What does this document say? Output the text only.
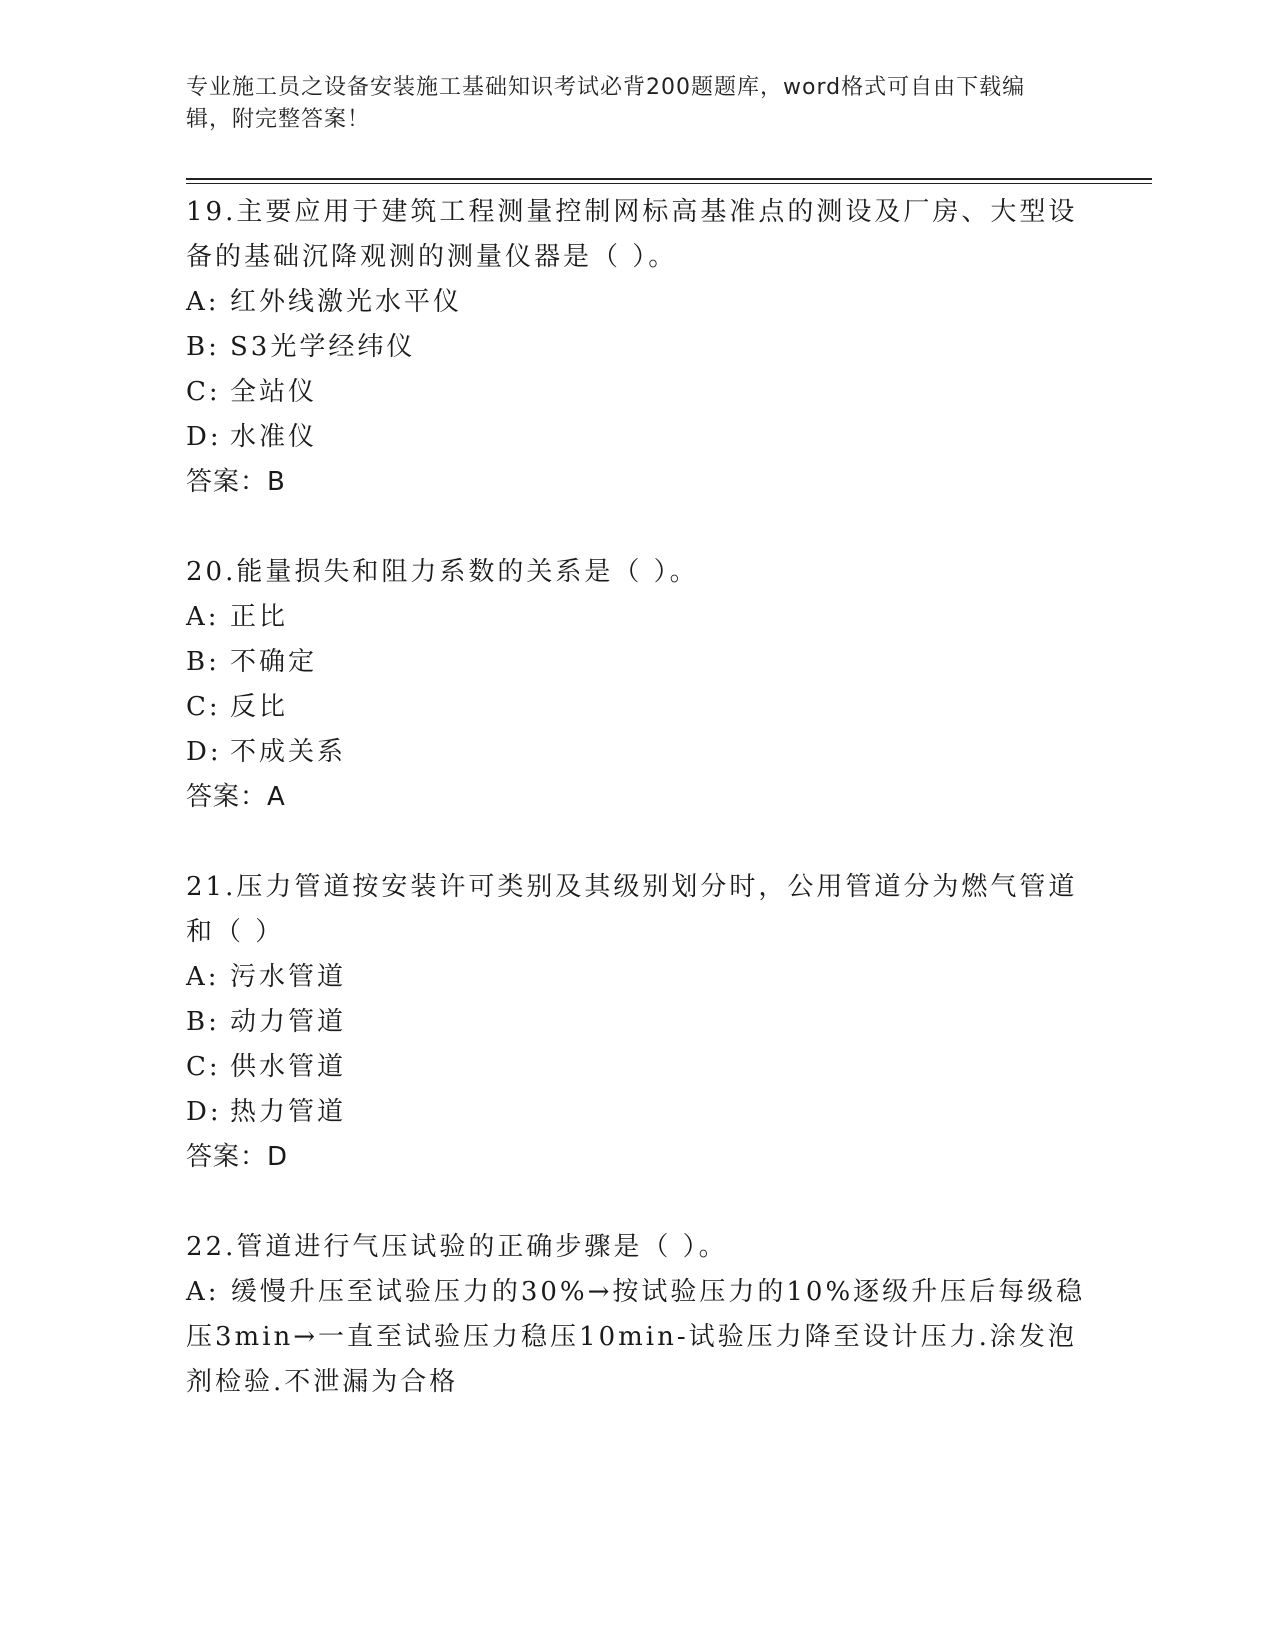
专业施工员之设备安装施工基础知识考试必背200题题库，word格式可自由下载编辑，附完整答案！

19.主要应用于建筑工程测量控制网标高基准点的测设及厂房、大型设备的基础沉降观测的测量仪器是（ ）。

A: 红外线激光水平仪

B: S3光学经纬仪

C: 全站仪

D: 水准仪

答案：B

20.能量损失和阻力系数的关系是（ ）。

A: 正比

B: 不确定

C: 反比

D: 不成关系

答案：A

21.压力管道按安装许可类别及其级别划分时，公用管道分为燃气管道和（ ）

A: 污水管道

B: 动力管道

C: 供水管道

D: 热力管道

答案：D

22.管道进行气压试验的正确步骤是（ ）。

A: 缓慢升压至试验压力的30%→按试验压力的10%逐级升压后每级稳压3min→一直至试验压力稳压10min-试验压力降至设计压力.涂发泡剂检验.不泄漏为合格
